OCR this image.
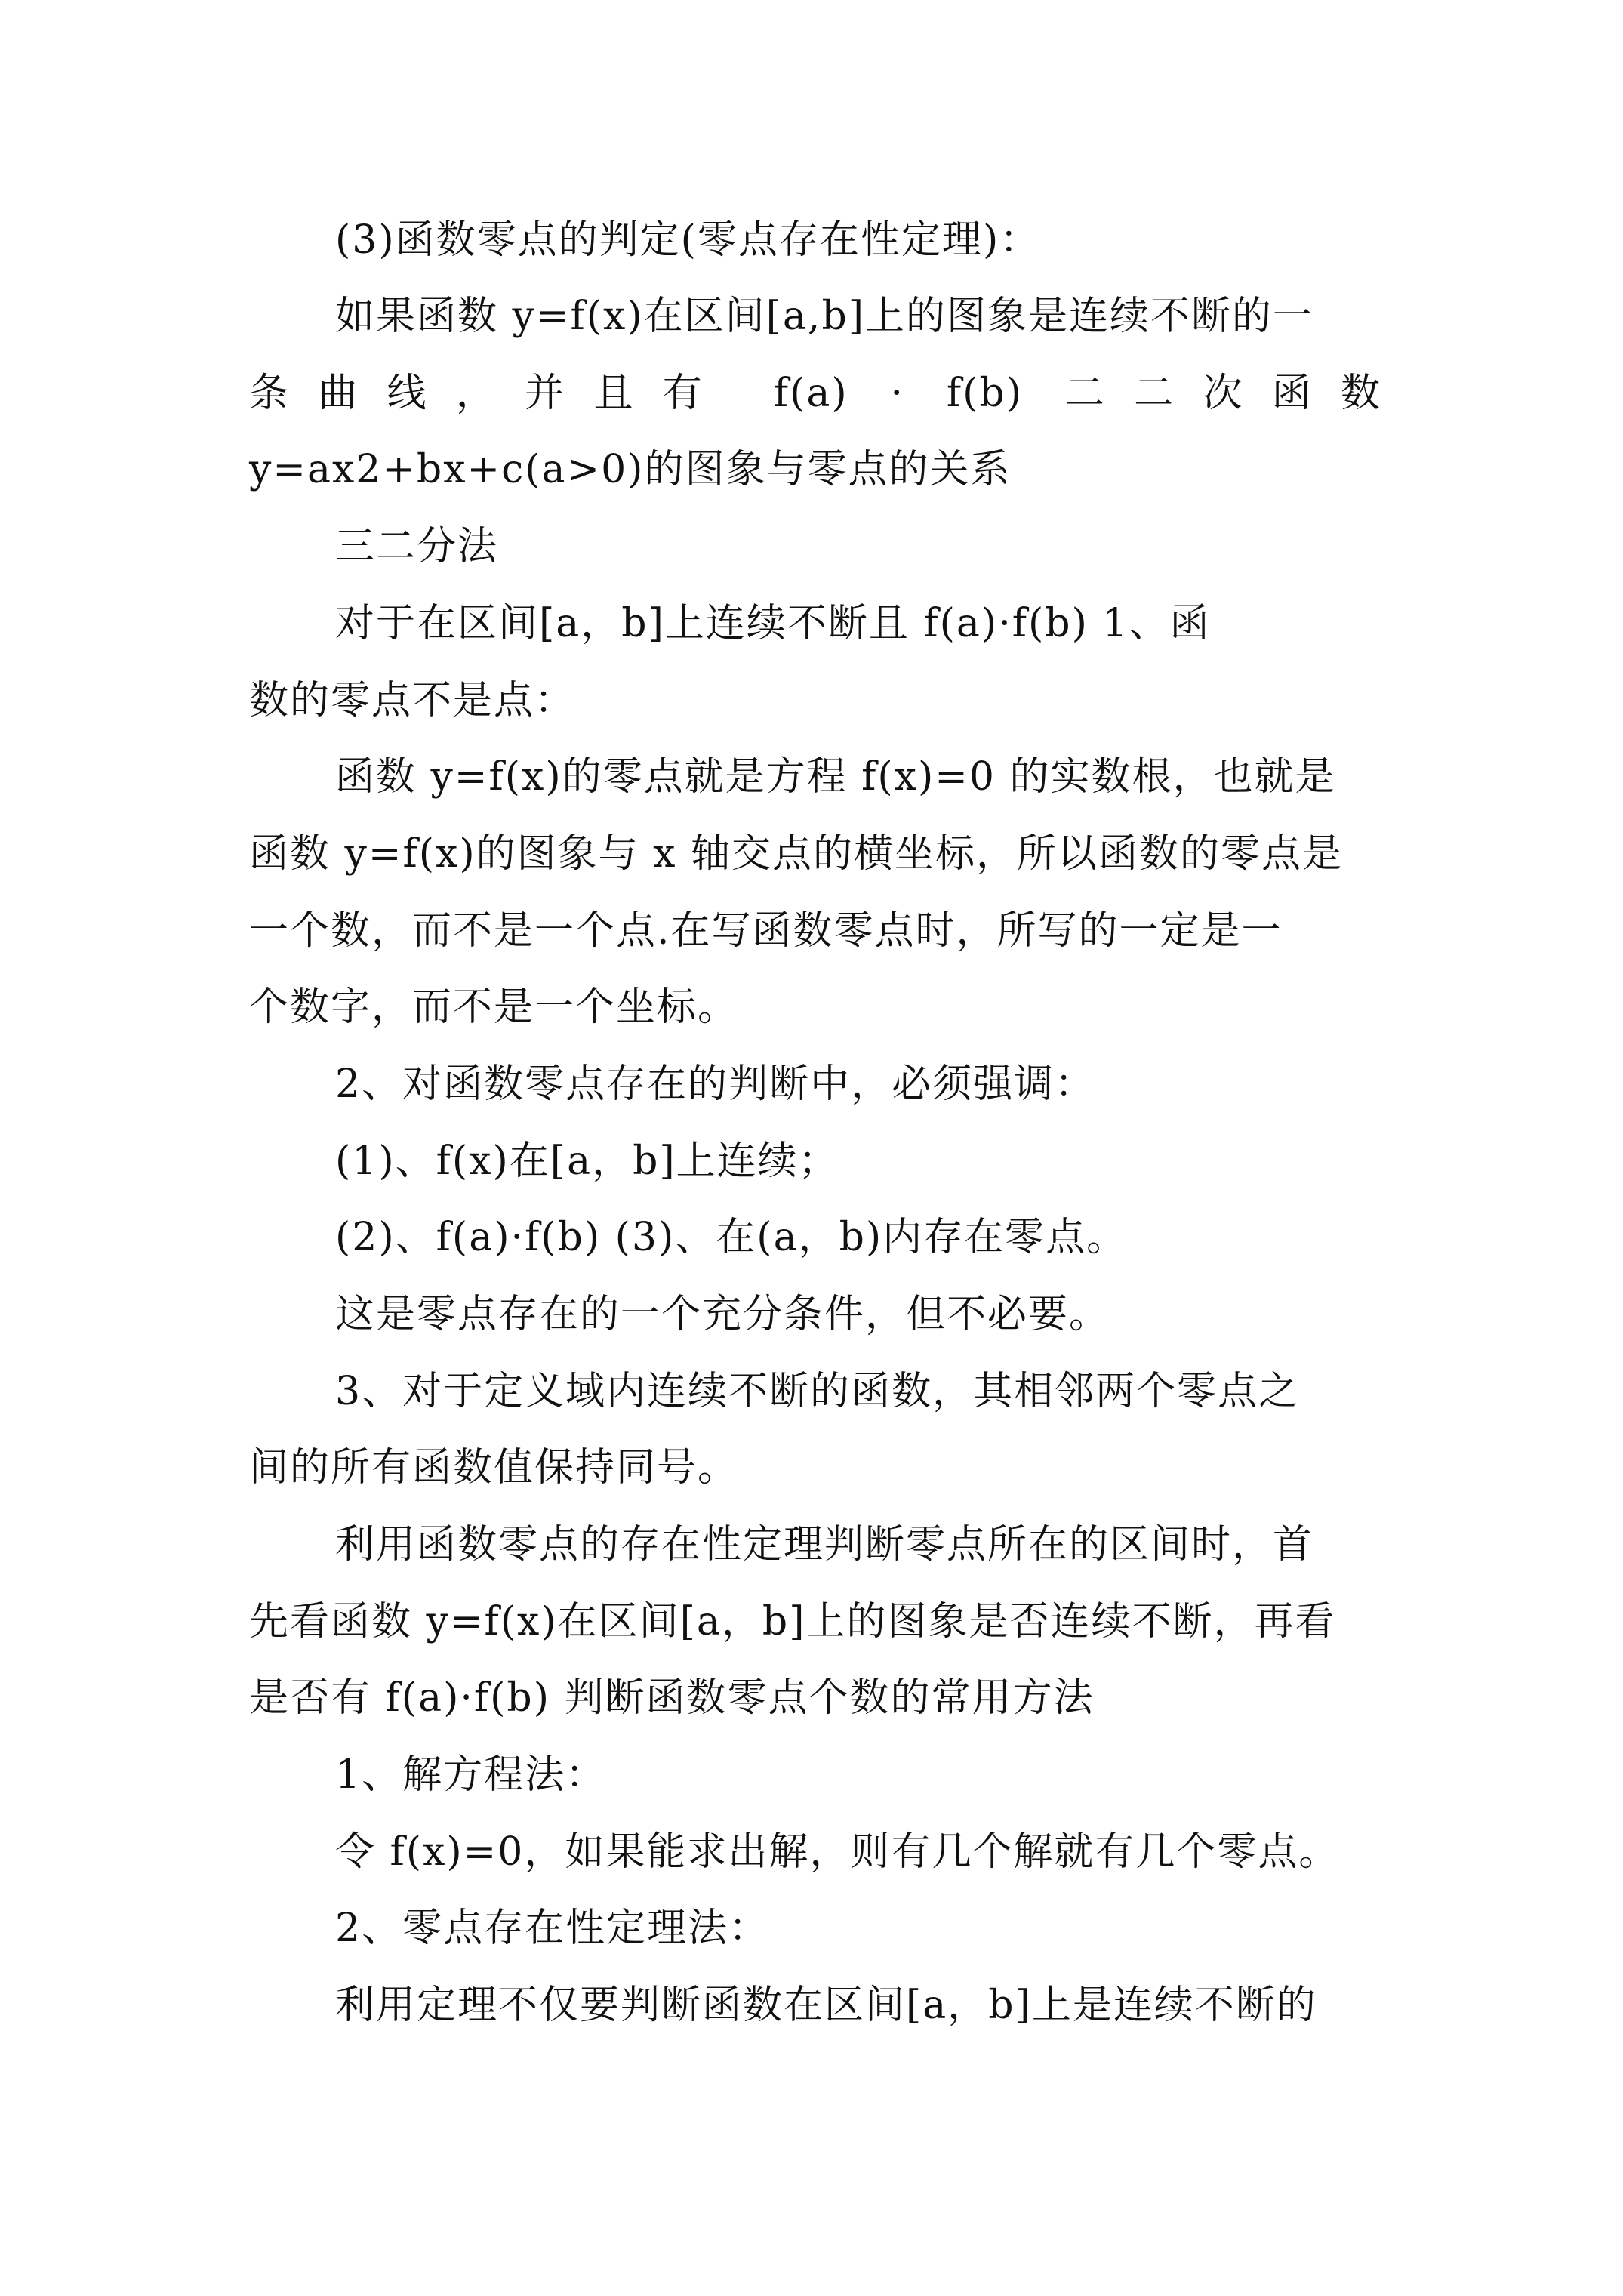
(3)函数零点的判定(零点存在性定理)：
如果函数 y=f(x)在区间[a,b]上的图象是连续不断的一
条曲线，并且有 f(a) · f(b) 二二次函数
y=ax2+bx+c(a>0)的图象与零点的关系
三二分法
对于在区间[a，b]上连续不断且 f(a)·f(b) 1、函
数的零点不是点：
函数 y=f(x)的零点就是方程 f(x)=0 的实数根，也就是
函数 y=f(x)的图象与 x 轴交点的横坐标，所以函数的零点是
一个数，而不是一个点.在写函数零点时，所写的一定是一
个数字，而不是一个坐标。
2、对函数零点存在的判断中，必须强调：
(1)、f(x)在[a，b]上连续；
(2)、f(a)·f(b) (3)、在(a，b)内存在零点。
这是零点存在的一个充分条件，但不必要。
3、对于定义域内连续不断的函数，其相邻两个零点之
间的所有函数值保持同号。
利用函数零点的存在性定理判断零点所在的区间时，首
先看函数 y=f(x)在区间[a，b]上的图象是否连续不断，再看
是否有 f(a)·f(b) 判断函数零点个数的常用方法
1、解方程法：
令 f(x)=0，如果能求出解，则有几个解就有几个零点。
2、零点存在性定理法：
利用定理不仅要判断函数在区间[a，b]上是连续不断的
